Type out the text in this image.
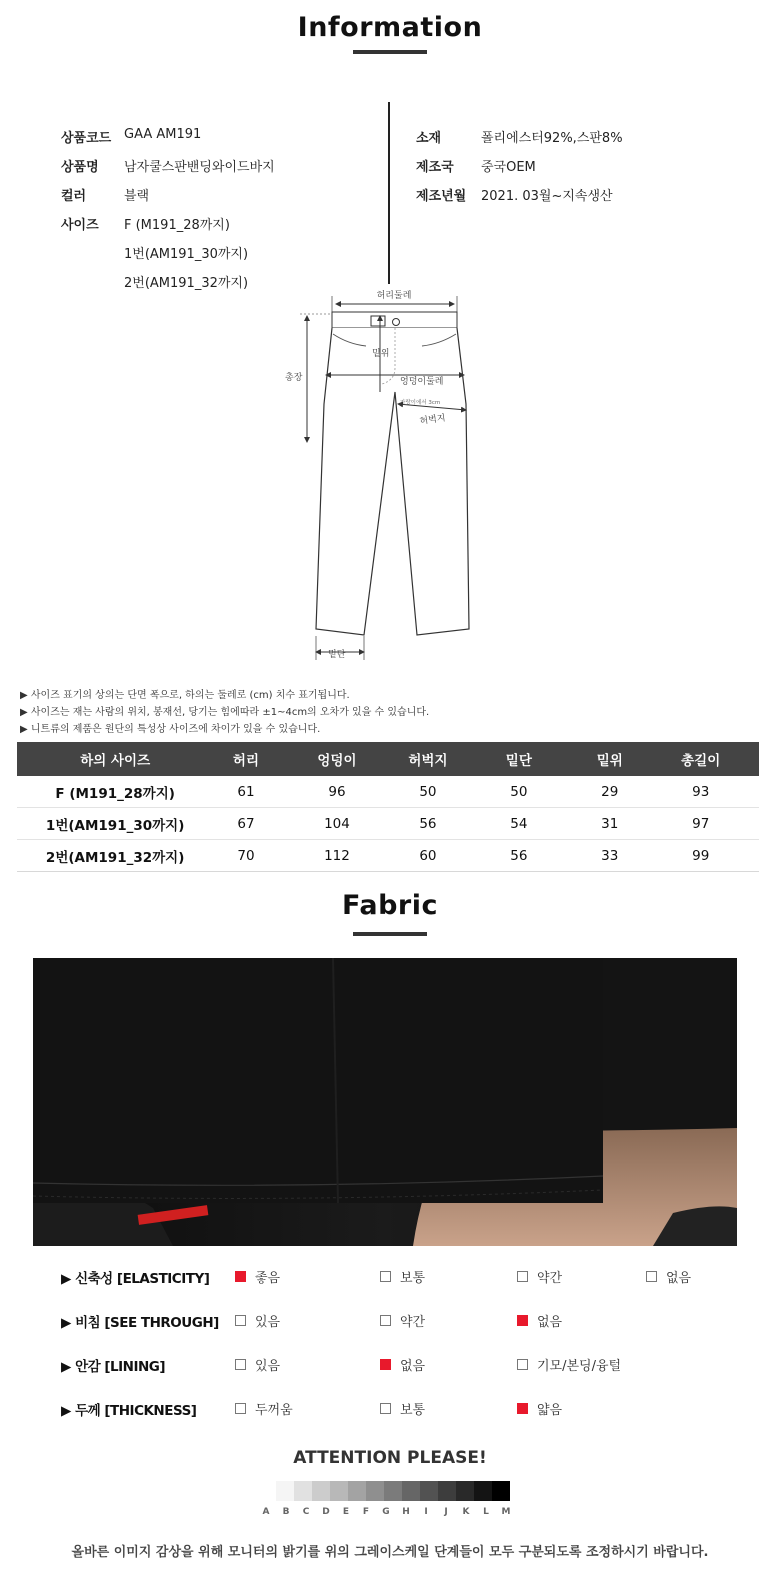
Information
상품코드 GAA AM191
상품명 남자쿨스판밴딩와이드바지
컬러	블랙
사이즈 F (M191_28까지)
1번(AM191_30까지)
2번(AM191_32까지)
소재	폴리에스터92%,스판8%
제조국 중국OEM
제조년월 2021. 03월~지속생산
허리둘레
밑위
총장	엉덩이둘레
가랑이에서 3cm
허벅지
밑단
▶ 사이즈 표기의 상의는 단면 폭으로, 하의는 둘레로 (cm) 치수 표기됩니다.
▶ 사이즈는 재는 사람의 위치, 봉재선, 당기는 힘에따라 ±1~4cm의 오차가 있을 수 있습니다.
▶ 니트류의 제품은 원단의 특성상 사이즈에 차이가 있을 수 있습니다.
하의 사이즈	허리	엉덩이	허벅지	밑단	밑위	총길이
F (M191_28까지)	61	96	50	50	29	93
1번(AM191_30까지)	67	104	56	54	31	97
2번(AM191_32까지)	70	112	60	56	33	99
Fabric
▶ 신축성 [ELASTICITY]	좋음	보통	약간	없음
▶ 비침 [SEE THROUGH]	있음	약간	없음
▶ 안감 [LINING]	있음	없음	기모/본딩/융털
▶ 두께 [THICKNESS]	두꺼움	보통	얇음
ATTENTION PLEASE!
A	B	C	D	E	F	G	H	I	J	K	L	M
올바른 이미지 감상을 위해 모니터의 밝기를 위의 그레이스케일 단계들이 모두 구분되도록 조정하시기 바랍니다.
